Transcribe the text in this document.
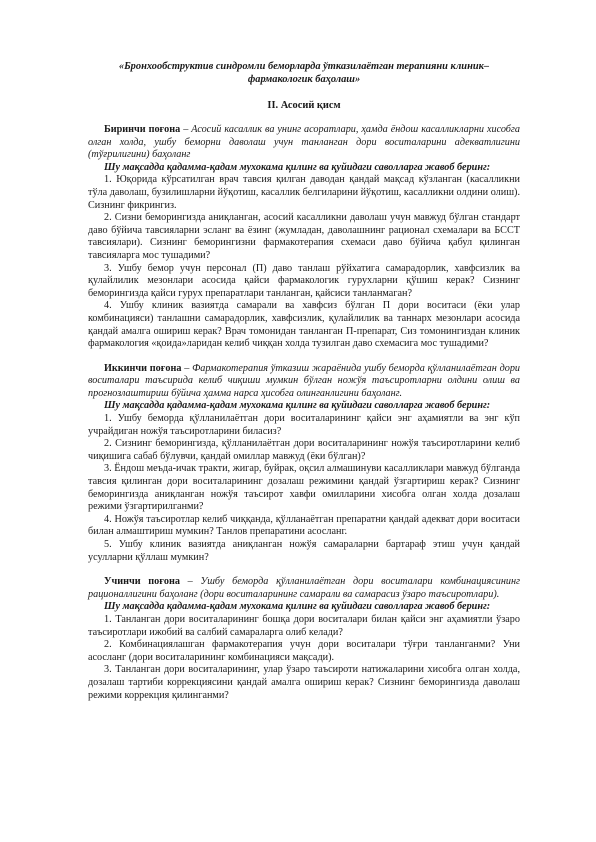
«Бронхообструктив синдромли беморларда ўтказилаётган терапияни клиник–фармакологик баҳолаш»
II. Асосий қисм

Биринчи поғона – Асосий касаллик ва унинг асоратлари, ҳамда ёндош касалликларни хисобга олган холда, ушбу беморни даволаш учун танланган дори воситаларини адекватлигини (тўғрилигини) баҳоланг

Шу мақсадда қадамма-қадам мухокама қилинг ва қуйидаги саволларга жавоб беринг:

1. Юқорида кўрсатилган врач тавсия қилган даводан қандай мақсад кўзланган (касалликни тўла даволаш, бузилишларни йўқотиш, касаллик белгиларини йўқотиш, касалликни олдини олиш). Сизнинг фикрингиз.

2. Сизни беморингизда аниқланган, асосий касалликни даволаш учун мавжуд бўлган стандарт даво бўйича тавсияларни эсланг ва ёзинг (жумладан, даволашнинг рационал схемалари ва БССТ тавсиялари). Сизнинг беморингизни фармакотерапия схемаси даво бўйича қабул қилинган тавсияларга мос тушадими?

3. Ушбу бемор учун персонал (П) даво танлаш рўйхатига самарадорлик, хавфсизлик ва қулайлилик мезонлари асосида қайси фармакологик гурухларни қўшиш керак? Сизнинг беморингизда қайси гурух препаратлари танланган, қайсиси танланмаган?

4. Ушбу клиник вазиятда самарали ва хавфсиз бўлган П дори воситаси (ёки улар комбинацияси) танлашни самарадорлик, хавфсизлик, қулайлилик ва таннарх мезонлари асосида қандай амалга ошириш керак? Врач томонидан танланган П-препарат, Сиз томонингиздан клиник фармакология «қоида»ларидан келиб чиққан холда тузилган даво схемасига мос тушадими?

Иккинчи поғона – Фармакотерапия ўтказиш жараёнида ушбу беморда қўлланилаётган дори воситалари таъсирида келиб чиқиши мумкин бўлган ножўя таъсиротларни олдини олиш ва прогнозлаштириш бўйича ҳамма нарса ҳисобга олинганлигини баҳоланг.

Шу мақсадда қадамма-қадам мухокама қилинг ва қуйидаги саволларга жавоб беринг:

1. Ушбу беморда қўлланилаётган дори воситаларининг қайси энг аҳамиятли ва энг кўп учрайдиган ножўя таъсиротларини биласиз?

2. Сизнинг беморингизда, қўлланилаётган дори воситаларининг ножўя таъсиротларини келиб чиқишига сабаб бўлувчи, қандай омиллар мавжуд (ёки бўлган)?

3. Ёндош меъда-ичак тракти, жигар, буйрак, оқсил алмашинуви касалликлари мавжуд бўлганда тавсия қилинган дори воситаларининг дозалаш режимини қандай ўзгартириш керак? Сизнинг беморингизда аниқланган ножўя таъсирот хавфи омилларини хисобга олган холда дозалаш режими ўзгартирилганми?

4. Ножўя таъсиротлар келиб чиққанда, қўлланаётган препаратни қандай адекват дори воситаси билан алмаштириш мумкин? Танлов препаратини асосланг.

5. Ушбу клиник вазиятда аниқланган ножўя самараларни бартараф этиш учун қандай усулларни қўллаш мумкин?

Учинчи поғона – Ушбу беморда қўлланилаётган дори воситалари комбинациясининг рационаллигини баҳоланг (дори воситаларининг самарали ва самарасиз ўзаро таъсиротлари).

Шу мақсадда қадамма-қадам мухокама қилинг ва қуйидаги саволларга жавоб беринг:

1. Танланган дори воситаларининг бошқа дори воситалари билан қайси энг аҳамиятли ўзаро таъсиротлари ижобий ва салбий самараларга олиб келади?

2. Комбинациялашган фармакотерапия учун дори воситалари тўғри танланганми? Уни асосланг (дори воситаларининг комбинацияси мақсади).

3. Танланган дори воситаларининг, улар ўзаро таъсироти натижаларини хисобга олган холда, дозалаш тартиби коррекциясини қандай амалга ошириш керак? Сизнинг беморингизда даволаш режими коррекция қилинганми?
